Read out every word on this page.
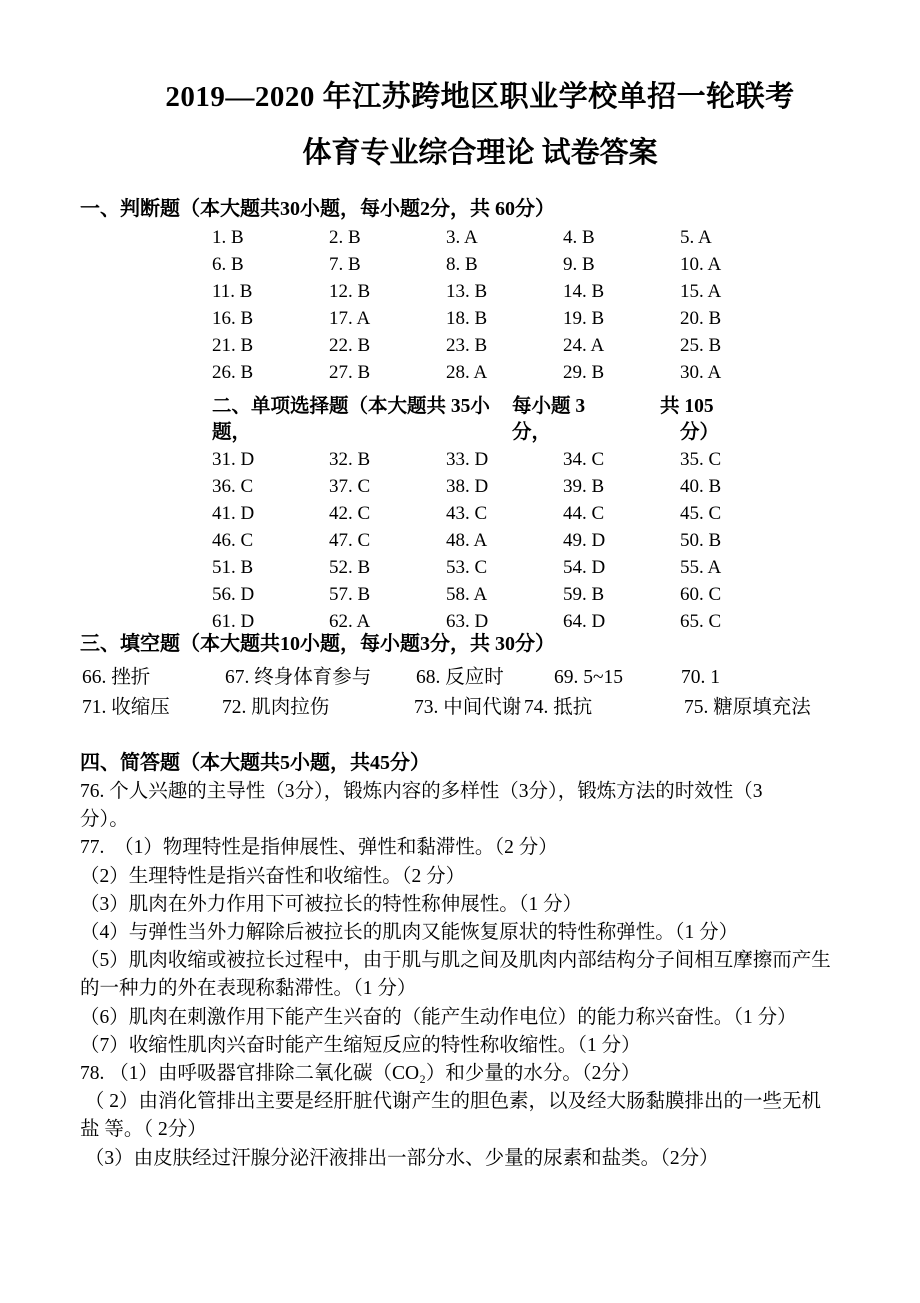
2019—2020 年江苏跨地区职业学校单招一轮联考
体育专业综合理论 试卷答案
一、判断题（本大题共30小题，每小题2分，共 60分）
1. B	2. B	3. A	4. B	5. A
6. B	7. B	8. B	9. B	10. A
11. B	12. B	13. B	14. B	15. A
16. B	17. A	18. B	19. B	20. B
21. B	22. B	23. B	24. A	25. B
26. B	27. B	28. A	29. B	30. A
二、单项选择题（本大题共 35小题，
每小题 3
分，
共 105
分）
31. D	32. B	33. D	34. C	35. C
36. C	37. C	38. D	39. B	40. B
41. D	42. C	43. C	44. C	45. C
46. C	47. C	48. A	49. D	50. B
51. B	52. B	53. C	54. D	55. A
56. D	57. B	58. A	59. B	60. C
61. D	62. A	63. D	64. D	65. C
三、填空题（本大题共10小题，每小题3分，共 30分）
66. 挫折	67. 终身体育参与 68. 反应时	69. 5~15	70. 1
71. 收缩压	72. 肌肉拉伤	73. 中间代谢 74. 抵抗	75. 糖原填充法
四、简答题（本大题共5小题，共45分）
76. 个人兴趣的主导性（3分），锻炼内容的多样性（3分），锻炼方法的时效性（3
分）。
77.　（1）物理特性是指伸展性、弹性和黏滞性。（2 分）
（2）生理特性是指兴奋性和收缩性。（2 分）
（3）肌肉在外力作用下可被拉长的特性称伸展性。（1 分）
（4）与弹性当外力解除后被拉长的肌肉又能恢复原状的特性称弹性。（1 分）
（5）肌肉收缩或被拉长过程中，由于肌与肌之间及肌肉内部结构分子间相互摩擦而产生
的一种力的外在表现称黏滞性。（1 分）
（6）肌肉在刺激作用下能产生兴奋的（能产生动作电位）的能力称兴奋性。（1 分）
（7）收缩性肌肉兴奋时能产生缩短反应的特性称收缩性。（1 分）
78. （1）由呼吸器官排除二氧化碳（CO₂）和少量的水分。（2分）
（ 2）由消化管排出主要是经肝脏代谢产生的胆色素，以及经大肠黏膜排出的一些无机
盐 等。（ 2分）
（3）由皮肤经过汗腺分泌汗液排出一部分水、少量的尿素和盐类。（2分）
